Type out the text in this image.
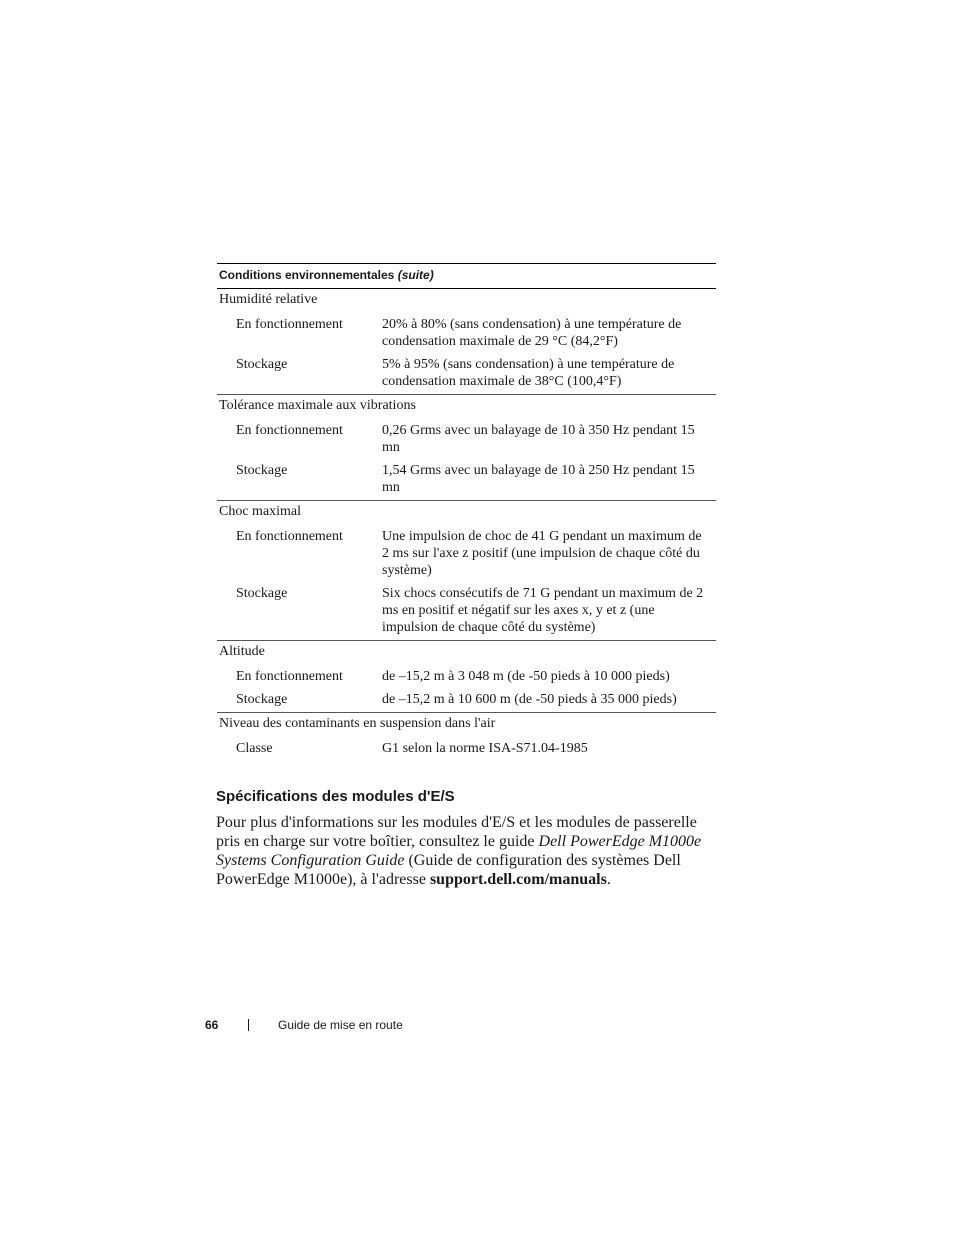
Conditions environnementales (suite)
Humidité relative
En fonctionnement	20% à 80% (sans condensation) à une température de condensation maximale de 29 °C (84,2°F)
Stockage	5% à 95% (sans condensation) à une température de condensation maximale de 38°C (100,4°F)
Tolérance maximale aux vibrations
En fonctionnement	0,26 Grms avec un balayage de 10 à 350 Hz pendant 15 mn
Stockage	1,54 Grms avec un balayage de 10 à 250 Hz pendant 15 mn
Choc maximal
En fonctionnement	Une impulsion de choc de 41 G pendant un maximum de 2 ms sur l'axe z positif (une impulsion de chaque côté du système)
Stockage	Six chocs consécutifs de 71 G pendant un maximum de 2 ms en positif et négatif sur les axes x, y et z (une impulsion de chaque côté du système)
Altitude
En fonctionnement	de –15,2 m à 3 048 m (de -50 pieds à 10 000 pieds)
Stockage	de –15,2 m à 10 600 m (de -50 pieds à 35 000 pieds)
Niveau des contaminants en suspension dans l'air
Classe	G1 selon la norme ISA-S71.04-1985
Spécifications des modules d'E/S
Pour plus d'informations sur les modules d'E/S et les modules de passerelle pris en charge sur votre boîtier, consultez le guide Dell PowerEdge M1000e Systems Configuration Guide (Guide de configuration des systèmes Dell PowerEdge M1000e), à l'adresse support.dell.com/manuals.
66	Guide de mise en route
